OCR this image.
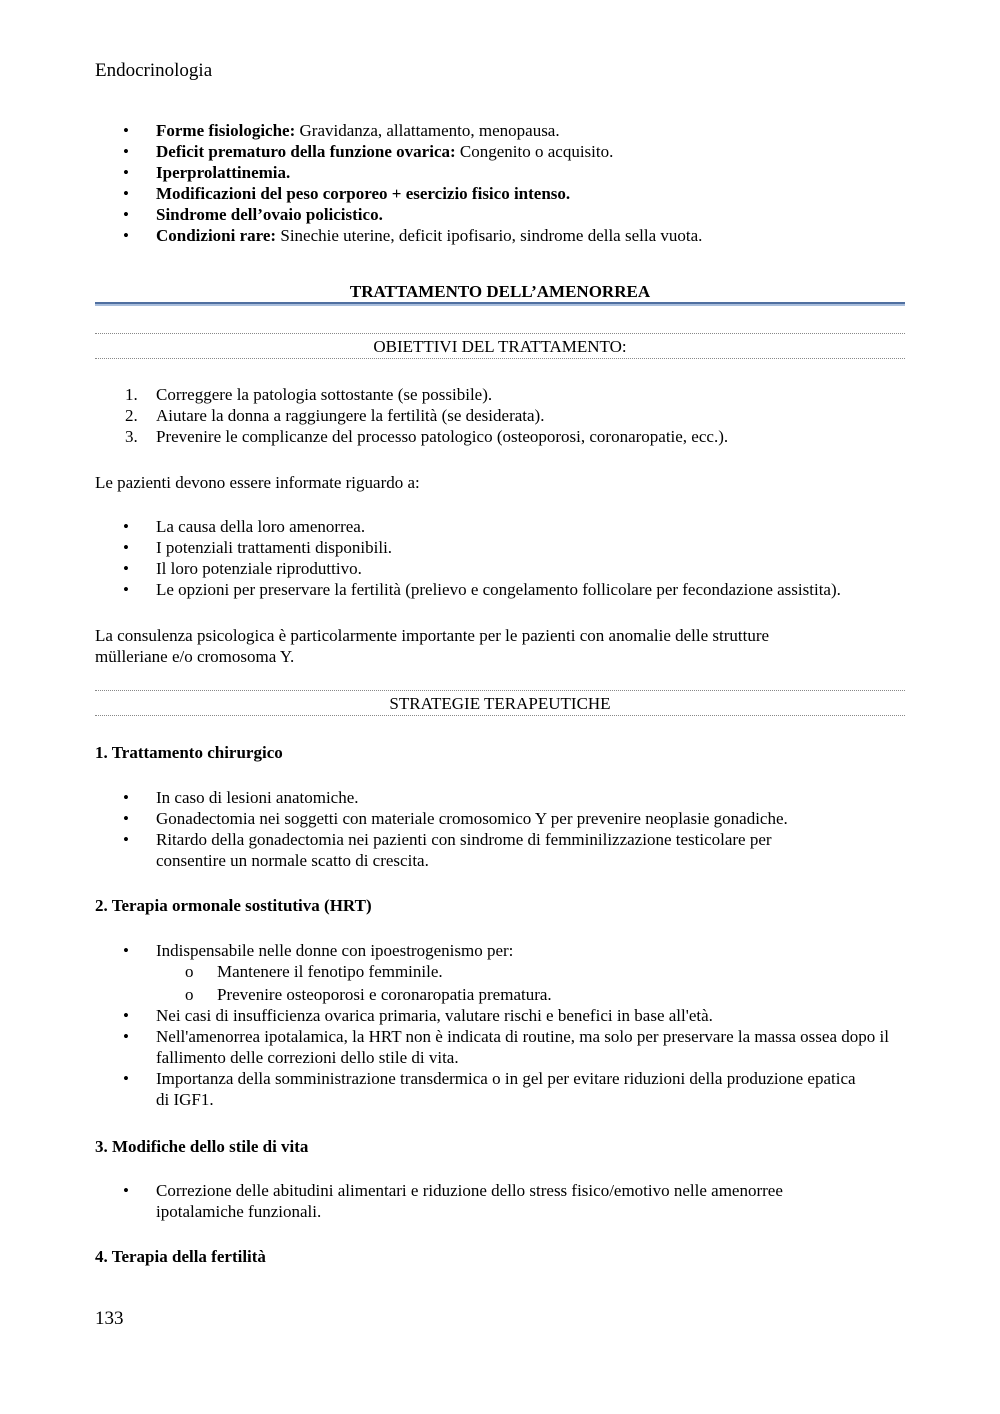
Endocrinologia
• Forme fisiologiche: Gravidanza, allattamento, menopausa.
• Deficit prematuro della funzione ovarica: Congenito o acquisito.
• Iperprolattinemia.
• Modificazioni del peso corporeo + esercizio fisico intenso.
• Sindrome dell’ovaio policistico.
• Condizioni rare: Sinechie uterine, deficit ipofisario, sindrome della sella vuota.
TRATTAMENTO DELL’AMENORREA
OBIETTIVI DEL TRATTAMENTO:
1. Correggere la patologia sottostante (se possibile).
2. Aiutare la donna a raggiungere la fertilità (se desiderata).
3. Prevenire le complicanze del processo patologico (osteoporosi, coronaropatie, ecc.).
Le pazienti devono essere informate riguardo a:
• La causa della loro amenorrea.
• I potenziali trattamenti disponibili.
• Il loro potenziale riproduttivo.
• Le opzioni per preservare la fertilità (prelievo e congelamento follicolare per fecondazione assistita).
La consulenza psicologica è particolarmente importante per le pazienti con anomalie delle strutture mülleriane e/o cromosoma Y.
STRATEGIE TERAPEUTICHE
1. Trattamento chirurgico
• In caso di lesioni anatomiche.
• Gonadectomia nei soggetti con materiale cromosomico Y per prevenire neoplasie gonadiche.
• Ritardo della gonadectomia nei pazienti con sindrome di femminilizzazione testicolare per consentire un normale scatto di crescita.
2. Terapia ormonale sostitutiva (HRT)
• Indispensabile nelle donne con ipoestrogenismo per:
o Mantenere il fenotipo femminile.
o Prevenire osteoporosi e coronaropatia prematura.
• Nei casi di insufficienza ovarica primaria, valutare rischi e benefici in base all'età.
• Nell'amenorrea ipotalamica, la HRT non è indicata di routine, ma solo per preservare la massa ossea dopo il fallimento delle correzioni dello stile di vita.
• Importanza della somministrazione transdermica o in gel per evitare riduzioni della produzione epatica di IGF1.
3. Modifiche dello stile di vita
• Correzione delle abitudini alimentari e riduzione dello stress fisico/emotivo nelle amenorree ipotalamiche funzionali.
4. Terapia della fertilità
133
